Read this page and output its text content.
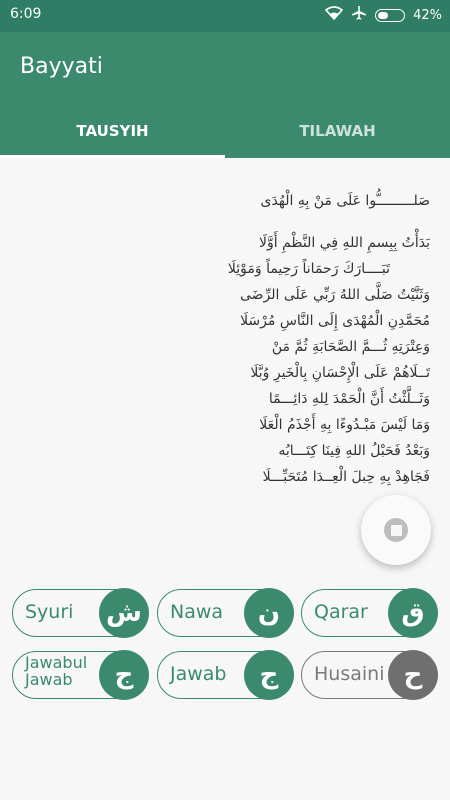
6:09	42%
Bayyati
TAUSYIH	TILAWAH
صَلـــــــــُّوا عَلَى مَنْ بِهِ الْهُدَى
بَدَأْتُ بِبِسمِ اللهِ فِي النَّظْمِ أَوَّلَا
تَبَــــارَكَ رَحمَاناً رَحِيماً وَمَوْئِلَا
وَثَنَّيْتُ صَلَّى اللهُ رَبِّي عَلَى الرِّضَى
مُحَمَّدِنِ الْمُهْدَى إِلَى النَّاسِ مُرْسَلَا
وَعِتْرَتِهِ ثُـــمَّ الصَّحَابَةِ ثُمَّ مَنْ
تَــلَاهُمْ عَلَى الْإِحْسَانِ بِالْخَيرِ وُبَّلَا
وَثَــلَّثْتُ أَنَّ الْحَمْدَ لِلهِ دَائِـــمًا
وَمَا لَيْسَ مَبْـدُوءًا بِهِ أَجْذَمُ الْعَلَا
وَبَعْدُ فَحَبْلُ اللهِ فِينَا كِتَـــابُه
فَجَاهِدْ بِهِ حِبلَ الْعِــدَا مُتَحَبِّـــلَا
Syuri ش	Nawa	ن	Qarar	ق
Jawabul
Jawab	ج	Jawab	ج	Husaini ح
